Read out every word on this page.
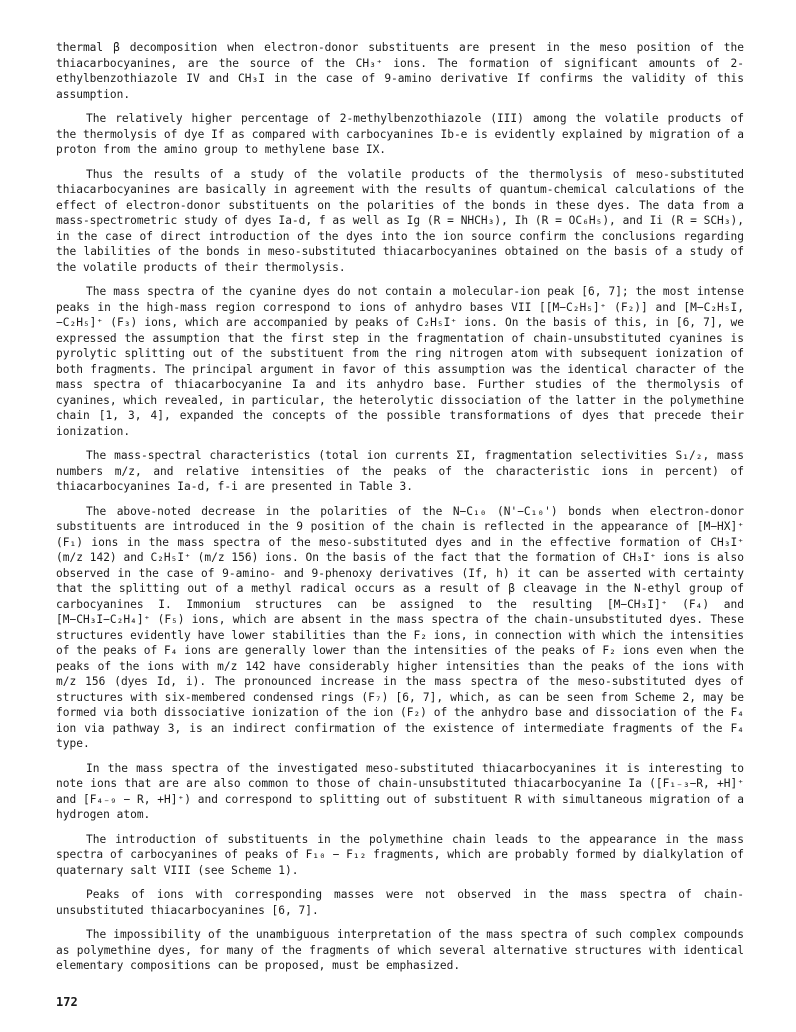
thermal β decomposition when electron-donor substituents are present in the meso position of the thiacarbocyanines, are the source of the CH₃⁺ ions. The formation of significant amounts of 2-ethylbenzothiazole IV and CH₃I in the case of 9-amino derivative If confirms the validity of this assumption.

The relatively higher percentage of 2-methylbenzothiazole (III) among the volatile products of the thermolysis of dye If as compared with carbocyanines Ib-e is evidently explained by migration of a proton from the amino group to methylene base IX.

Thus the results of a study of the volatile products of the thermolysis of meso-substituted thiacarbocyanines are basically in agreement with the results of quantum-chemical calculations of the effect of electron-donor substituents on the polarities of the bonds in these dyes. The data from a mass-spectrometric study of dyes Ia-d, f as well as Ig (R = NHCH₃), Ih (R = OC₆H₅), and Ii (R = SCH₃), in the case of direct introduction of the dyes into the ion source confirm the conclusions regarding the labilities of the bonds in meso-substituted thiacarbocyanines obtained on the basis of a study of the volatile products of their thermolysis.

The mass spectra of the cyanine dyes do not contain a molecular-ion peak [6, 7]; the most intense peaks in the high-mass region correspond to ions of anhydro bases VII [[M−C₂H₅]⁺ (F₂)] and [M−C₂H₅I, −C₂H₅]⁺ (F₃) ions, which are accompanied by peaks of C₂H₅I⁺ ions. On the basis of this, in [6, 7], we expressed the assumption that the first step in the fragmentation of chain-unsubstituted cyanines is pyrolytic splitting out of the substituent from the ring nitrogen atom with subsequent ionization of both fragments. The principal argument in favor of this assumption was the identical character of the mass spectra of thiacarbocyanine Ia and its anhydro base. Further studies of the thermolysis of cyanines, which revealed, in particular, the heterolytic dissociation of the latter in the polymethine chain [1, 3, 4], expanded the concepts of the possible transformations of dyes that precede their ionization.

The mass-spectral characteristics (total ion currents ΣI, fragmentation selectivities S₁/₂, mass numbers m/z, and relative intensities of the peaks of the characteristic ions in percent) of thiacarbocyanines Ia-d, f-i are presented in Table 3.

The above-noted decrease in the polarities of the N−C₁₀ (N'−C₁₀') bonds when electron-donor substituents are introduced in the 9 position of the chain is reflected in the appearance of [M−HX]⁺ (F₁) ions in the mass spectra of the meso-substituted dyes and in the effective formation of CH₃I⁺ (m/z 142) and C₂H₅I⁺ (m/z 156) ions. On the basis of the fact that the formation of CH₃I⁺ ions is also observed in the case of 9-amino- and 9-phenoxy derivatives (If, h) it can be asserted with certainty that the splitting out of a methyl radical occurs as a result of β cleavage in the N-ethyl group of carbocyanines I. Immonium structures can be assigned to the resulting [M−CH₃I]⁺ (F₄) and [M−CH₃I−C₂H₄]⁺ (F₅) ions, which are absent in the mass spectra of the chain-unsubstituted dyes. These structures evidently have lower stabilities than the F₂ ions, in connection with which the intensities of the peaks of F₄ ions are generally lower than the intensities of the peaks of F₂ ions even when the peaks of the ions with m/z 142 have considerably higher intensities than the peaks of the ions with m/z 156 (dyes Id, i). The pronounced increase in the mass spectra of the meso-substituted dyes of structures with six-membered condensed rings (F₇) [6, 7], which, as can be seen from Scheme 2, may be formed via both dissociative ionization of the ion (F₂) of the anhydro base and dissociation of the F₄ ion via pathway 3, is an indirect confirmation of the existence of intermediate fragments of the F₄ type.

In the mass spectra of the investigated meso-substituted thiacarbocyanines it is interesting to note ions that are are also common to those of chain-unsubstituted thiacarbocyanine Ia ([F₁₋₃−R, +H]⁺ and [F₄₋₉ − R, +H]⁺) and correspond to splitting out of substituent R with simultaneous migration of a hydrogen atom.

The introduction of substituents in the polymethine chain leads to the appearance in the mass spectra of carbocyanines of peaks of F₁₀ − F₁₂ fragments, which are probably formed by dialkylation of quaternary salt VIII (see Scheme 1).

Peaks of ions with corresponding masses were not observed in the mass spectra of chain-unsubstituted thiacarbocyanines [6, 7].

The impossibility of the unambiguous interpretation of the mass spectra of such complex compounds as polymethine dyes, for many of the fragments of which several alternative structures with identical elementary compositions can be proposed, must be emphasized.

172
